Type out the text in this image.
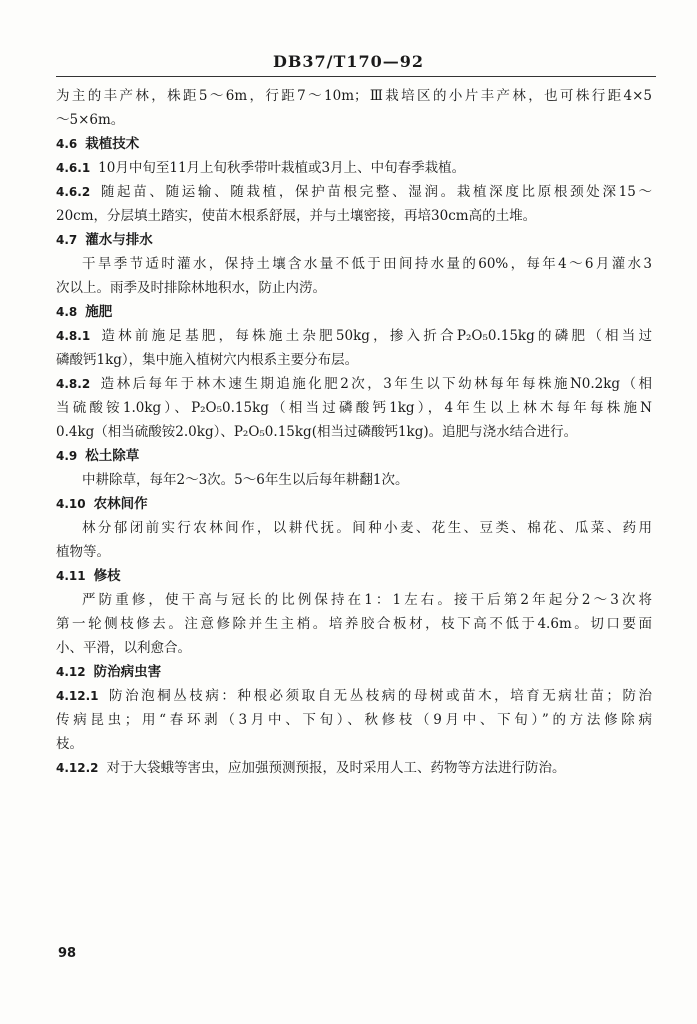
DB37/T170—92
为主的丰产林，株距5～6m，行距7～10m；Ⅲ栽培区的小片丰产林，也可株行距4×5
～5×6m。
4.6 栽植技术
4.6.1 10月中旬至11月上旬秋季带叶栽植或3月上、中旬春季栽植。
4.6.2 随起苗、随运输、随栽植，保护苗根完整、湿润。栽植深度比原根颈处深15～
20cm，分层填土踏实，使苗木根系舒展，并与土壤密接，再培30cm高的土堆。
4.7 灌水与排水
干旱季节适时灌水，保持土壤含水量不低于田间持水量的60%，每年4～6月灌水3
次以上。雨季及时排除林地积水，防止内涝。
4.8 施肥
4.8.1 造林前施足基肥，每株施土杂肥50kg，掺入折合P₂O₅0.15kg的磷肥（相当过
磷酸钙1kg），集中施入植树穴内根系主要分布层。
4.8.2 造林后每年于林木速生期追施化肥2次，3年生以下幼林每年每株施N0.2kg（相
当硫酸铵1.0kg）、P₂O₅0.15kg（相当过磷酸钙1kg），4年生以上林木每年每株施N
0.4kg（相当硫酸铵2.0kg）、P₂O₅0.15kg(相当过磷酸钙1kg)。追肥与浇水结合进行。
4.9 松土除草
中耕除草，每年2～3次。5～6年生以后每年耕翻1次。
4.10 农林间作
林分郁闭前实行农林间作，以耕代抚。间种小麦、花生、豆类、棉花、瓜菜、药用
植物等。
4.11 修枝
严防重修，使干高与冠长的比例保持在1：1左右。接干后第2年起分2～3次将
第一轮侧枝修去。注意修除并生主梢。培养胶合板材，枝下高不低于4.6m。切口要面
小、平滑，以利愈合。
4.12 防治病虫害
4.12.1 防治泡桐丛枝病：种根必须取自无丛枝病的母树或苗木，培育无病壮苗；防治
传病昆虫；用“春环剥（3月中、下旬）、秋修枝（9月中、下旬）”的方法修除病
枝。
4.12.2 对于大袋蛾等害虫，应加强预测预报，及时采用人工、药物等方法进行防治。
98
